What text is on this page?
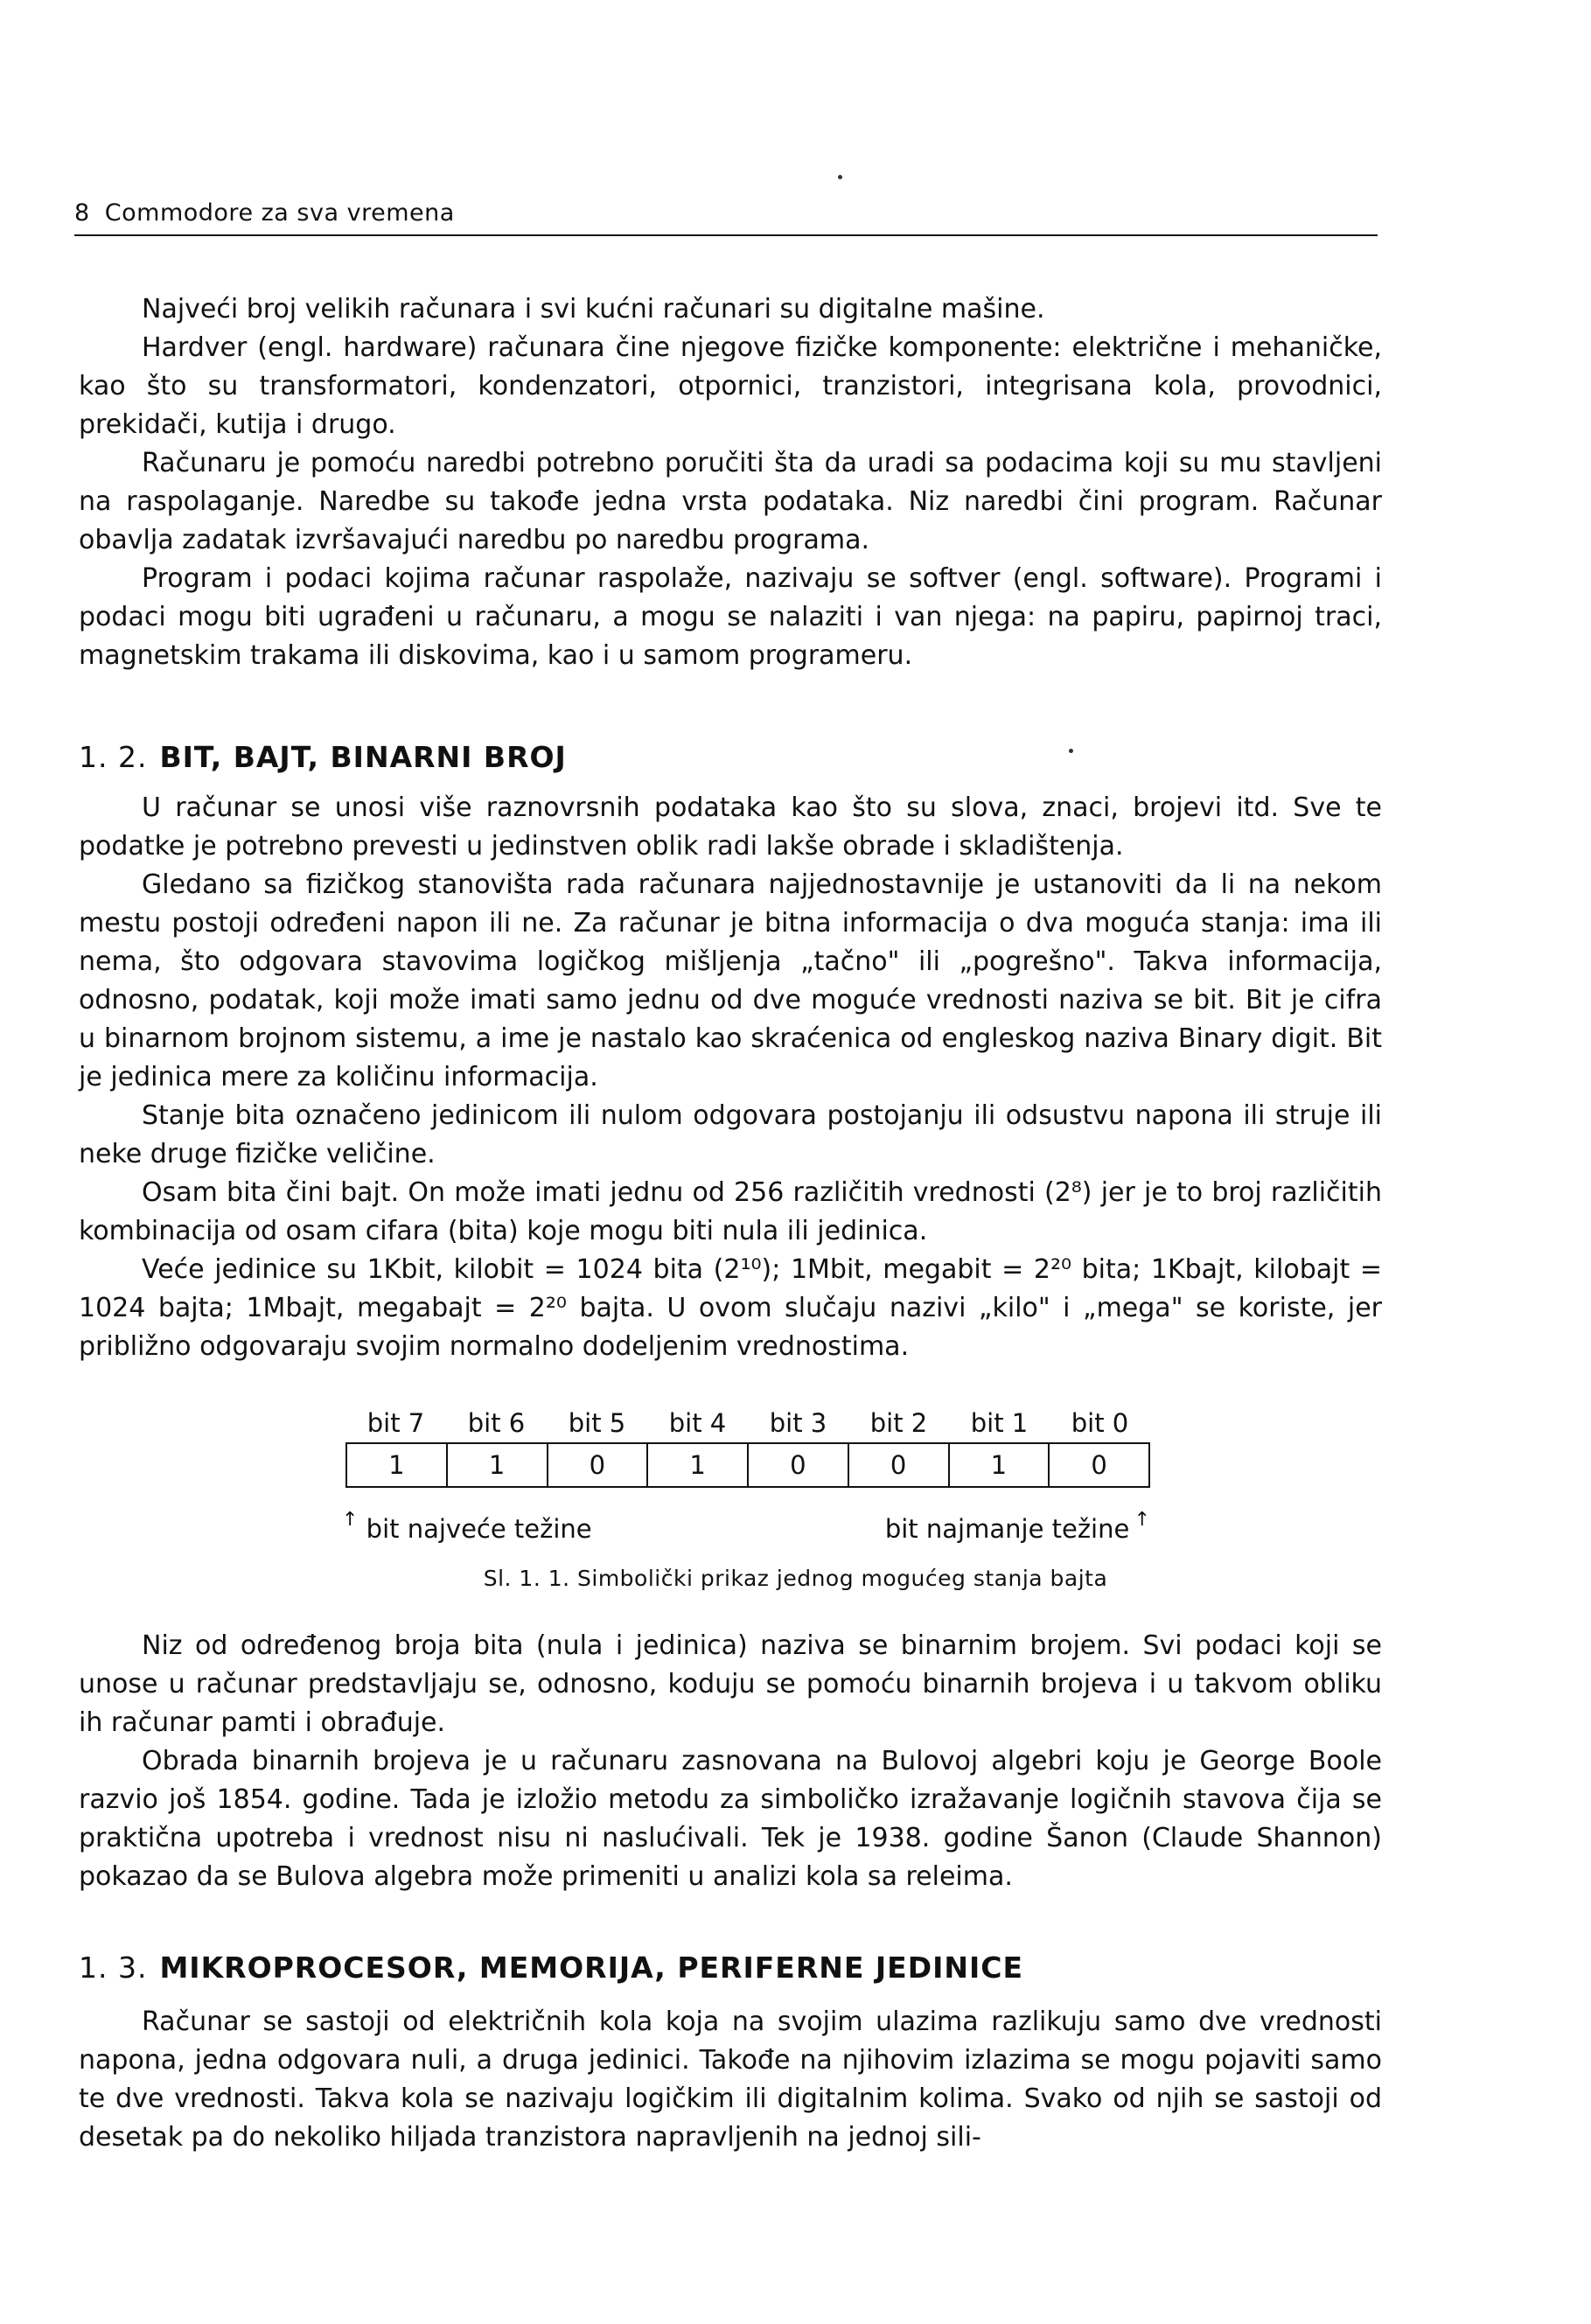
8 Commodore za sva vremena

Najveći broj velikih računara i svi kućni računari su digitalne mašine.

Hardver (engl. hardware) računara čine njegove fizičke komponente: električne i mehaničke, kao što su transformatori, kondenzatori, otpornici, tranzistori, integrisana kola, provodnici, prekidači, kutija i drugo.

Računaru je pomoću naredbi potrebno poručiti šta da uradi sa podacima koji su mu stavljeni na raspolaganje. Naredbe su takođe jedna vrsta podataka. Niz naredbi čini program. Računar obavlja zadatak izvršavajući naredbu po naredbu programa.

Program i podaci kojima računar raspolaže, nazivaju se softver (engl. software). Programi i podaci mogu biti ugrađeni u računaru, a mogu se nalaziti i van njega: na papiru, papirnoj traci, magnetskim trakama ili diskovima, kao i u samom programeru.

1. 2. BIT, BAJT, BINARNI BROJ

U računar se unosi više raznovrsnih podataka kao što su slova, znaci, brojevi itd. Sve te podatke je potrebno prevesti u jedinstven oblik radi lakše obrade i skladištenja.

Gledano sa fizičkog stanovišta rada računara najjednostavnije je ustanoviti da li na nekom mestu postoji određeni napon ili ne. Za računar je bitna informacija o dva moguća stanja: ima ili nema, što odgovara stavovima logičkog mišljenja „tačno" ili „pogrešno". Takva informacija, odnosno, podatak, koji može imati samo jednu od dve moguće vrednosti naziva se bit. Bit je cifra u binarnom brojnom sistemu, a ime je nastalo kao skraćenica od engleskog naziva Binary digit. Bit je jedinica mere za količinu informacija.

Stanje bita označeno jedinicom ili nulom odgovara postojanju ili odsustvu napona ili struje ili neke druge fizičke veličine.

Osam bita čini bajt. On može imati jednu od 256 različitih vrednosti (2⁸) jer je to broj različitih kombinacija od osam cifara (bita) koje mogu biti nula ili jedinica.

Veće jedinice su 1Kbit, kilobit = 1024 bita (2¹⁰); 1Mbit, megabit = 2²⁰ bita; 1Kbajt, kilobajt = 1024 bajta; 1Mbajt, megabajt = 2²⁰ bajta. U ovom slučaju nazivi „kilo" i „mega" se koriste, jer približno odgovaraju svojim normalno dodeljenim vrednostima.

bit 7	bit 6	bit 5	bit 4	bit 3	bit 2	bit 1	bit 0
1	1	0	1	0	0	1	0
↑ bit najveće težine	bit najmanje težine ↑
Sl. 1. 1. Simbolički prikaz jednog mogućeg stanja bajta

Niz od određenog broja bita (nula i jedinica) naziva se binarnim brojem. Svi podaci koji se unose u računar predstavljaju se, odnosno, koduju se pomoću binarnih brojeva i u takvom obliku ih računar pamti i obrađuje.

Obrada binarnih brojeva je u računaru zasnovana na Bulovoj algebri koju je George Boole razvio još 1854. godine. Tada je izložio metodu za simboličko izražavanje logičnih stavova čija se praktična upotreba i vrednost nisu ni naslućivali. Tek je 1938. godine Šanon (Claude Shannon) pokazao da se Bulova algebra može primeniti u analizi kola sa releima.

1. 3. MIKROPROCESOR, MEMORIJA, PERIFERNE JEDINICE

Računar se sastoji od električnih kola koja na svojim ulazima razlikuju samo dve vrednosti napona, jedna odgovara nuli, a druga jedinici. Takođe na njihovim izlazima se mogu pojaviti samo te dve vrednosti. Takva kola se nazivaju logičkim ili digitalnim kolima. Svako od njih se sastoji od desetak pa do nekoliko hiljada tranzistora napravljenih na jednoj sili-
